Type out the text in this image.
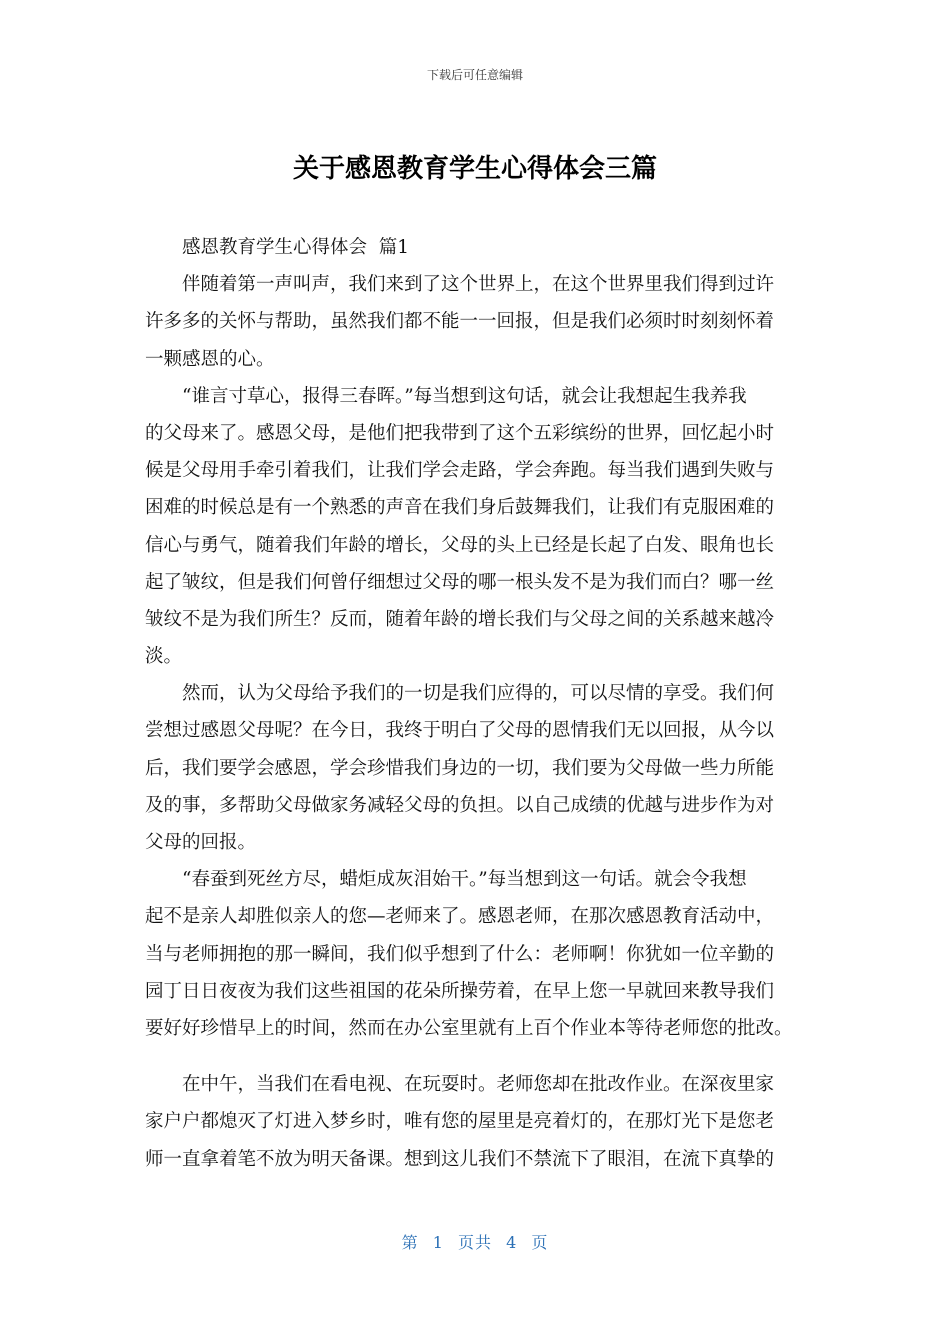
下载后可任意编辑
关于感恩教育学生心得体会三篇
感恩教育学生心得体会  篇1
伴随着第一声叫声，我们来到了这个世界上，在这个世界里我们得到过许
许多多的关怀与帮助，虽然我们都不能一一回报，但是我们必须时时刻刻怀着
一颗感恩的心。
“谁言寸草心，报得三春晖。”每当想到这句话，就会让我想起生我养我
的父母来了。感恩父母，是他们把我带到了这个五彩缤纷的世界，回忆起小时
候是父母用手牵引着我们，让我们学会走路，学会奔跑。每当我们遇到失败与
困难的时候总是有一个熟悉的声音在我们身后鼓舞我们，让我们有克服困难的
信心与勇气，随着我们年龄的增长，父母的头上已经是长起了白发、眼角也长
起了皱纹，但是我们何曾仔细想过父母的哪一根头发不是为我们而白？哪一丝
皱纹不是为我们所生？反而，随着年龄的增长我们与父母之间的关系越来越冷
淡。
然而，认为父母给予我们的一切是我们应得的，可以尽情的享受。我们何
尝想过感恩父母呢？在今日，我终于明白了父母的恩情我们无以回报，从今以
后，我们要学会感恩，学会珍惜我们身边的一切，我们要为父母做一些力所能
及的事，多帮助父母做家务减轻父母的负担。以自己成绩的优越与进步作为对
父母的回报。
“春蚕到死丝方尽，蜡炬成灰泪始干。”每当想到这一句话。就会令我想
起不是亲人却胜似亲人的您—老师来了。感恩老师，在那次感恩教育活动中，
当与老师拥抱的那一瞬间，我们似乎想到了什么：老师啊！你犹如一位辛勤的
园丁日日夜夜为我们这些祖国的花朵所操劳着，在早上您一早就回来教导我们
要好好珍惜早上的时间，然而在办公室里就有上百个作业本等待老师您的批改。
在中午，当我们在看电视、在玩耍时。老师您却在批改作业。在深夜里家
家户户都熄灭了灯进入梦乡时，唯有您的屋里是亮着灯的，在那灯光下是您老
师一直拿着笔不放为明天备课。想到这儿我们不禁流下了眼泪，在流下真挚的
第 1 页共 4 页
